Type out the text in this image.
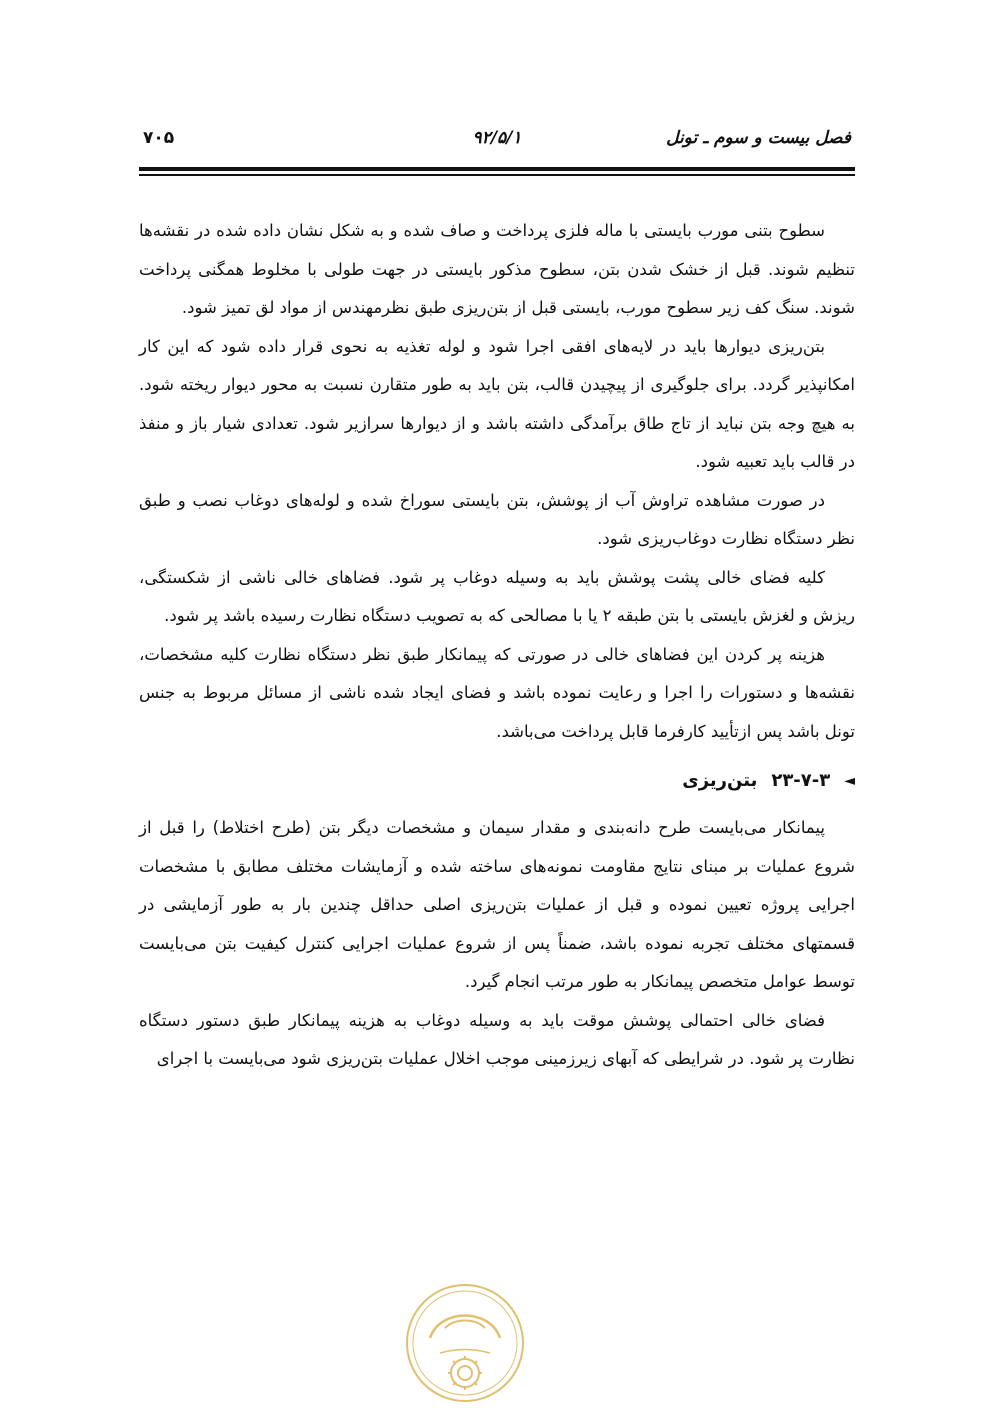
فصل بیست و سوم ـ تونل
۹۲/۵/۱
۷۰۵

سطوح بتنی مورب بایستی با ماله فلزی پرداخت و صاف شده و به شکل نشان داده شده در نقشه‌ها تنظیم شوند. قبل از خشک شدن بتن، سطوح مذکور بایستی در جهت طولی با مخلوط همگنی پرداخت شوند. سنگ کف زیر سطوح مورب، بایستی قبل از بتن‌ریزی طبق نظرمهندس از مواد لق تمیز شود.

بتن‌ریزی دیوارها باید در لایه‌های افقی اجرا شود و لوله تغذیه به نحوی قرار داده شود که این کار امکانپذیر گردد. برای جلوگیری از پیچیدن قالب، بتن باید به طور متقارن نسبت به محور دیوار ریخته شود. به هیچ وجه بتن نباید از تاج طاق برآمدگی داشته باشد و از دیوارها سرازیر شود. تعدادی شیار باز و منفذ در قالب باید تعبیه شود.

در صورت مشاهده تراوش آب از پوشش، بتن بایستی سوراخ شده و لوله‌های دوغاب نصب و طبق نظر دستگاه نظارت دوغاب‌ریزی شود.

کلیه فضای خالی پشت پوشش باید به وسیله دوغاب پر شود. فضاهای خالی ناشی از شکستگی، ریزش و لغزش بایستی با بتن طبقه ۲ یا با مصالحی که به تصویب دستگاه نظارت رسیده باشد پر شود.

هزینه پر کردن این فضاهای خالی در صورتی که پیمانکار طبق نظر دستگاه نظارت کلیه مشخصات، نقشه‌ها و دستورات را اجرا و رعایت نموده باشد و فضای ایجاد شده ناشی از مسائل مربوط به جنس تونل باشد پس ازتأیید کارفرما قابل پرداخت می‌باشد.

◄
۲۳-۷-۳
بتن‌ریزی

پیمانکار می‌بایست طرح دانه‌بندی و مقدار سیمان و مشخصات دیگر بتن (طرح اختلاط) را قبل از شروع عملیات بر مبنای نتایج مقاومت نمونه‌های ساخته شده و آزمایشات مختلف مطابق با مشخصات اجرایی پروژه تعیین نموده و قبل از عملیات بتن‌ریزی اصلی حداقل چندین بار به طور آزمایشی در قسمتهای مختلف تجربه نموده باشد، ضمناً پس از شروع عملیات اجرایی کنترل کیفیت بتن می‌بایست توسط عوامل متخصص پیمانکار به طور مرتب انجام گیرد.

فضای خالی احتمالی پوشش موقت باید به وسیله دوغاب به هزینه پیمانکار طبق دستور دستگاه نظارت پر شود. در شرایطی که آبهای زیرزمینی موجب اخلال عملیات بتن‌ریزی شود می‌بایست با اجرای
